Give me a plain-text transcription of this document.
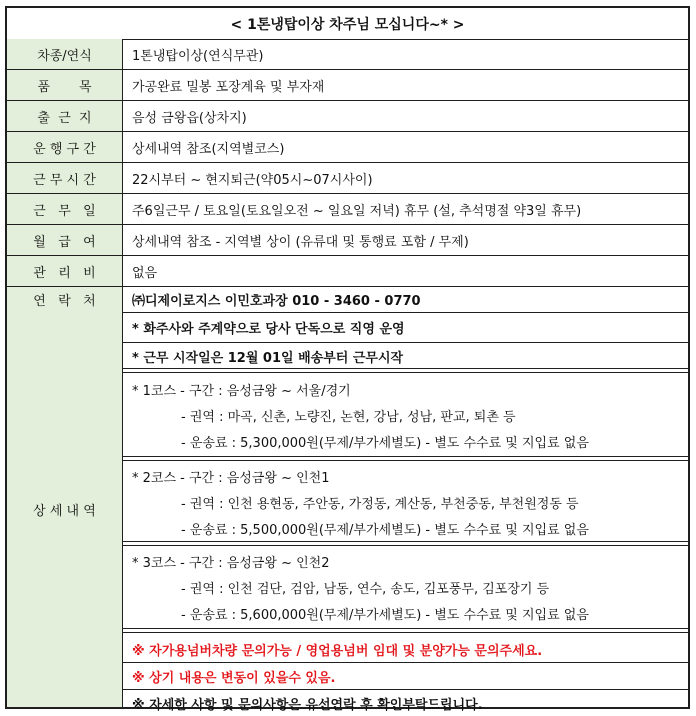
< 1톤냉탑이상 차주님 모십니다~* >
차종/연식	1톤냉탑이상(연식무관)
품       목	가공완료 밀봉 포장계육 및 부자재
출  근  지	음성 금왕읍(상차지)
운 행 구 간	상세내역 참조(지역별코스)
근 무 시 간	22시부터 ~ 현지퇴근(약05시~07시사이)
근   무   일	주6일근무 / 토요일(토요일오전 ~ 일요일 저녁) 휴무 (설, 추석명절 약3일 휴무)
월   급   여	상세내역 참조 - 지역별 상이 (유류대 및 통행료 포함 / 무제)
관   리   비	없음
연   락   처	㈜디제이로지스 이민호과장 010 - 3460 - 0770
상 세 내 역
* 화주사와 주계약으로 당사 단독으로 직영 운영
* 근무 시작일은 12월 01일 배송부터 근무시작
* 1코스 - 구간 : 음성금왕 ~ 서울/경기
- 권역 : 마곡, 신촌, 노량진, 논현, 강남, 성남, 판교, 퇴촌 등
- 운송료 : 5,300,000원(무제/부가세별도) - 별도 수수료 및 지입료 없음
* 2코스 - 구간 : 음성금왕 ~ 인천1
- 권역 : 인천 용현동, 주안동, 가정동, 계산동, 부천중동, 부천원정동 등
- 운송료 : 5,500,000원(무제/부가세별도) - 별도 수수료 및 지입료 없음
* 3코스 - 구간 : 음성금왕 ~ 인천2
- 권역 : 인천 검단, 검암, 남동, 연수, 송도, 김포풍무, 김포장기 등
- 운송료 : 5,600,000원(무제/부가세별도) - 별도 수수료 및 지입료 없음
※ 자가용넘버차량 문의가능 / 영업용넘버 임대 및 분양가능 문의주세요.
※ 상기 내용은 변동이 있을수 있음.
※ 자세한 사항 및 문의사항은 유선연락 후 확인부탁드립니다.
